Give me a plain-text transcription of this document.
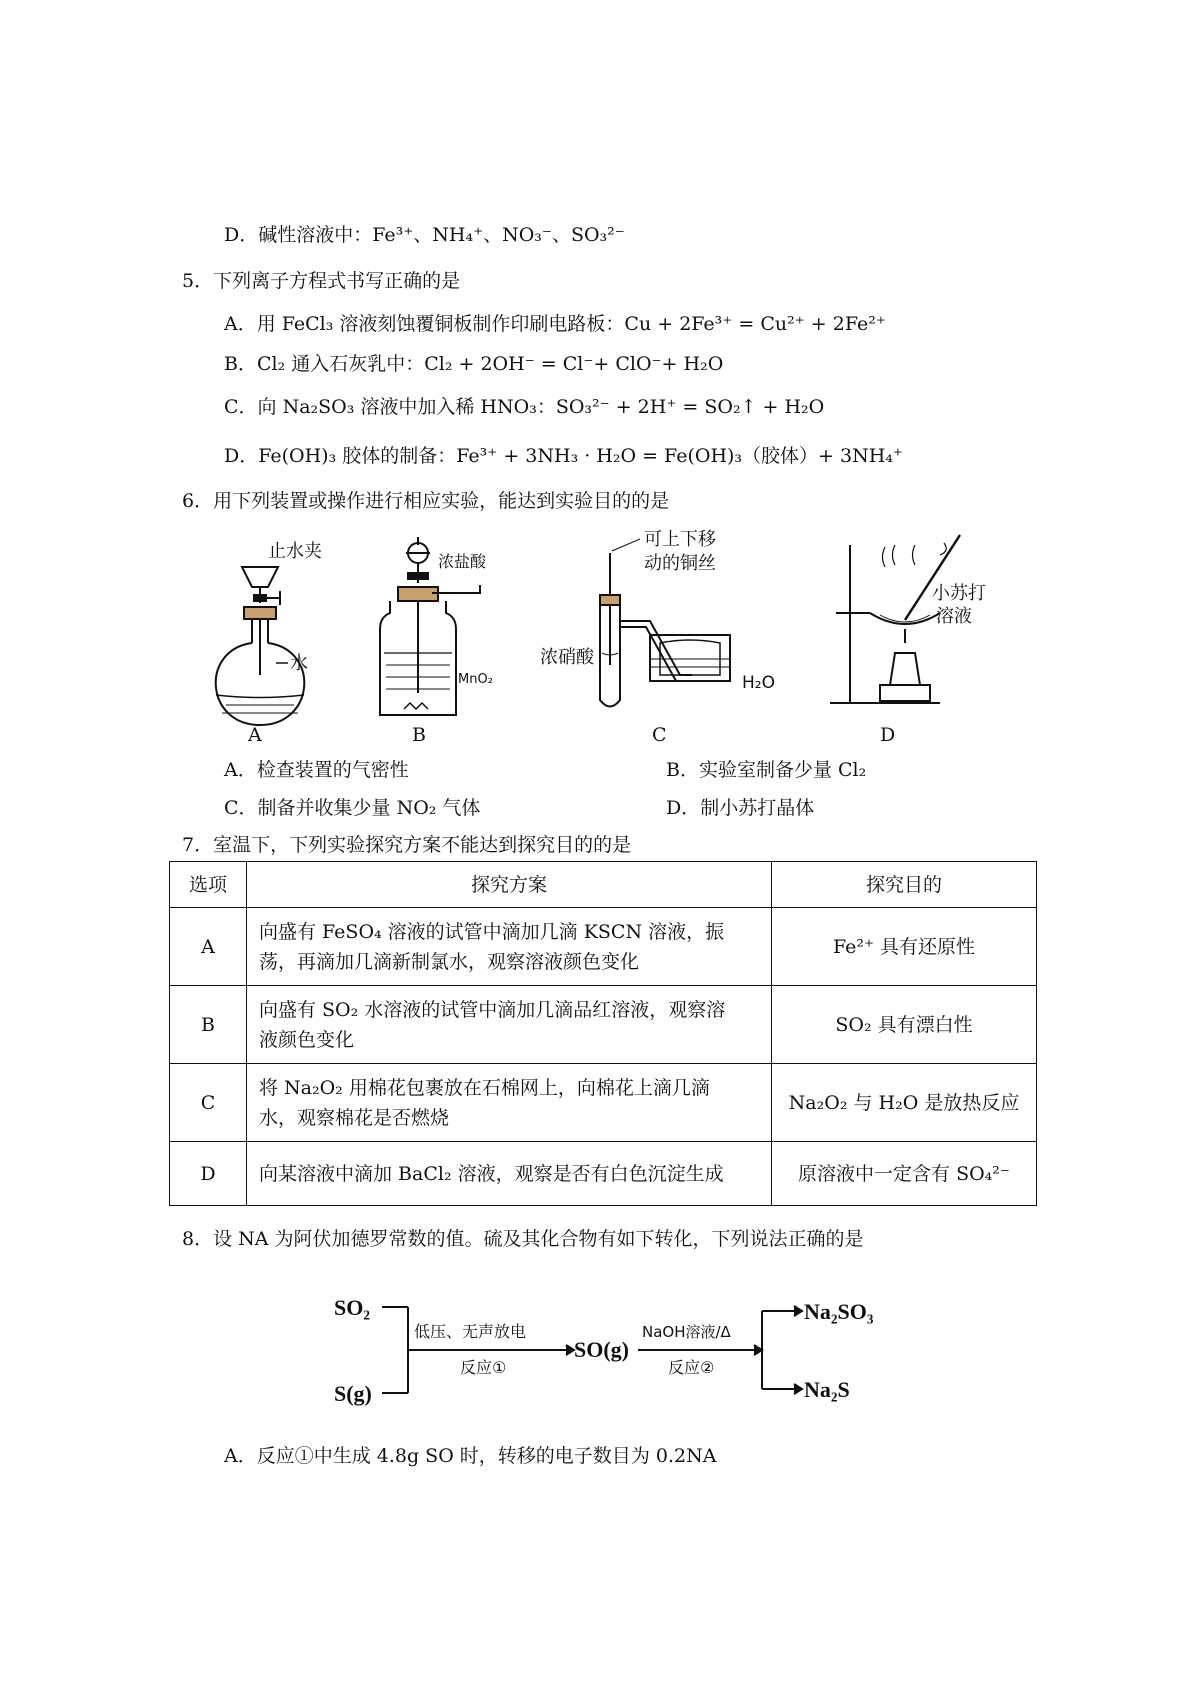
D．碱性溶液中：Fe³⁺、NH₄⁺、NO₃⁻、SO₃²⁻
5．下列离子方程式书写正确的是
A．用 FeCl₃ 溶液刻蚀覆铜板制作印刷电路板：Cu + 2Fe³⁺ = Cu²⁺ + 2Fe²⁺
B．Cl₂ 通入石灰乳中：Cl₂ + 2OH⁻ = Cl⁻+ ClO⁻+ H₂O
C．向 Na₂SO₃ 溶液中加入稀 HNO₃：SO₃²⁻ + 2H⁺ = SO₂↑ + H₂O
D．Fe(OH)₃ 胶体的制备：Fe³⁺ + 3NH₃ · H₂O = Fe(OH)₃（胶体）+ 3NH₄⁺
6．用下列装置或操作进行相应实验，能达到实验目的的是
止水夹
水
浓盐酸
MnO₂
可上下移
动的铜丝
浓硝酸
H₂O
小苏打
溶液
A	B	C	D
A．检查装置的气密性	B．实验室制备少量 Cl₂
C．制备并收集少量 NO₂ 气体	D．制小苏打晶体
7．室温下，下列实验探究方案不能达到探究目的的是
选项	探究方案	探究目的
A	向盛有 FeSO₄ 溶液的试管中滴加几滴 KSCN 溶液，振
荡，再滴加几滴新制氯水，观察溶液颜色变化	Fe²⁺ 具有还原性
B	向盛有 SO₂ 水溶液的试管中滴加几滴品红溶液，观察溶
液颜色变化	SO₂ 具有漂白性
C	将 Na₂O₂ 用棉花包裹放在石棉网上，向棉花上滴几滴
水，观察棉花是否燃烧	Na₂O₂ 与 H₂O 是放热反应
D	向某溶液中滴加 BaCl₂ 溶液，观察是否有白色沉淀生成	原溶液中一定含有 SO₄²⁻
8．设 NA 为阿伏加德罗常数的值。硫及其化合物有如下转化，下列说法正确的是
SO₂
S(g)
低压、无声放电
反应①
SO(g)
NaOH溶液/Δ
反应②
Na₂SO₃
Na₂S
A．反应①中生成 4.8g SO 时，转移的电子数目为 0.2NA
